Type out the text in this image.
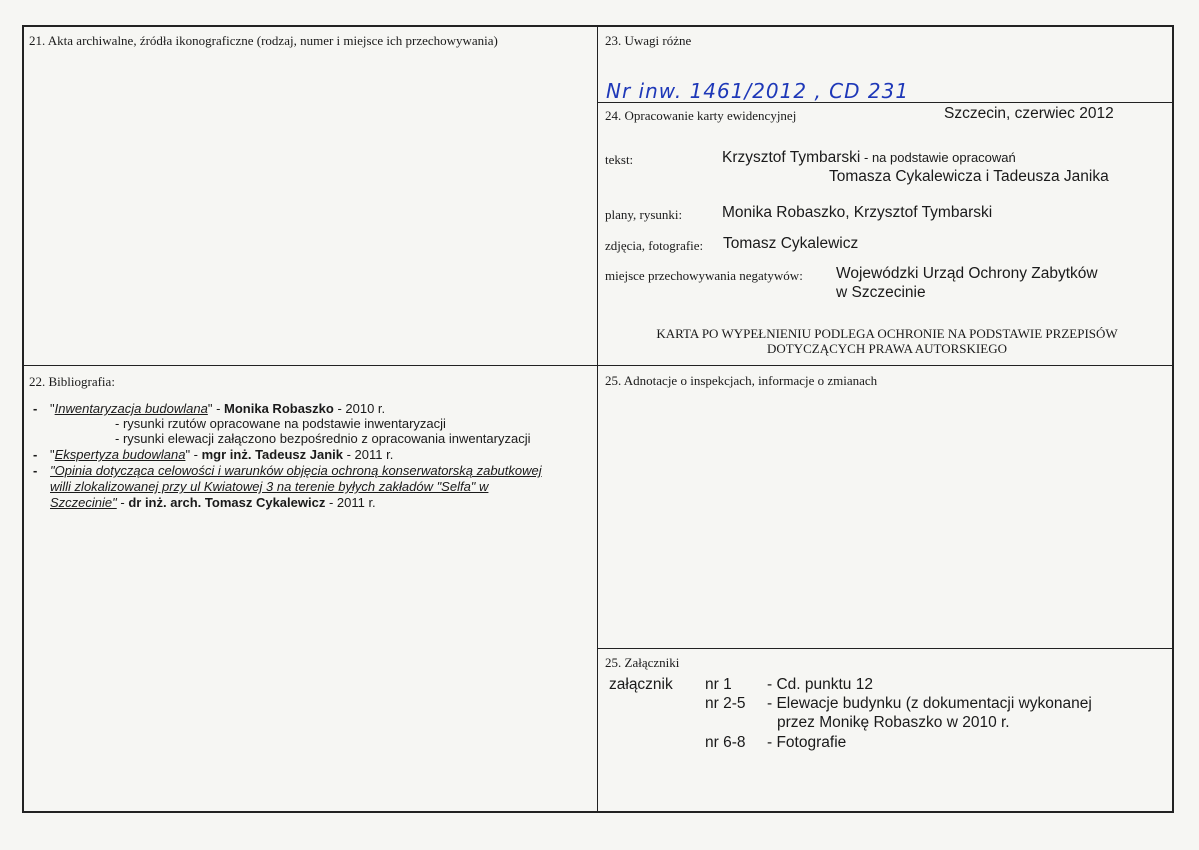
21. Akta archiwalne, źródła ikonograficzne (rodzaj, numer i miejsce ich przechowywania)
22. Bibliografia:
- "Inwentaryzacja budowlana" - Monika Robaszko - 2010 r.
- rysunki rzutów opracowane na podstawie inwentaryzacji
- rysunki elewacji załączono bezpośrednio z opracowania inwentaryzacji
- "Ekspertyza budowlana" - mgr inż. Tadeusz Janik - 2011 r.
- "Opinia dotycząca celowości i warunków objęcia ochroną konserwatorską zabutkowej
willi zlokalizowanej przy ul Kwiatowej 3 na terenie byłych zakładów "Selfa" w
Szczecinie" - dr inż. arch. Tomasz Cykalewicz - 2011 r.
23. Uwagi różne
Nr inw. 1461/2012 , CD 231
24. Opracowanie karty ewidencyjnej	Szczecin, czerwiec 2012
tekst:	Krzysztof Tymbarski - na podstawie opracowań
Tomasza Cykalewicza i Tadeusza Janika
plany, rysunki:	Monika Robaszko, Krzysztof Tymbarski
zdjęcia, fotografie: Tomasz Cykalewicz
miejsce przechowywania negatywów: Wojewódzki Urząd Ochrony Zabytków
w Szczecinie
KARTA PO WYPEŁNIENIU PODLEGA OCHRONIE NA PODSTAWIE PRZEPISÓW
DOTYCZĄCYCH PRAWA AUTORSKIEGO
25. Adnotacje o inspekcjach, informacje o zmianach
25. Załączniki
załącznik nr 1 - Cd. punktu 12
nr 2-5 - Elewacje budynku (z dokumentacji wykonanej
przez Monikę Robaszko w 2010 r.
nr 6-8 - Fotografie
